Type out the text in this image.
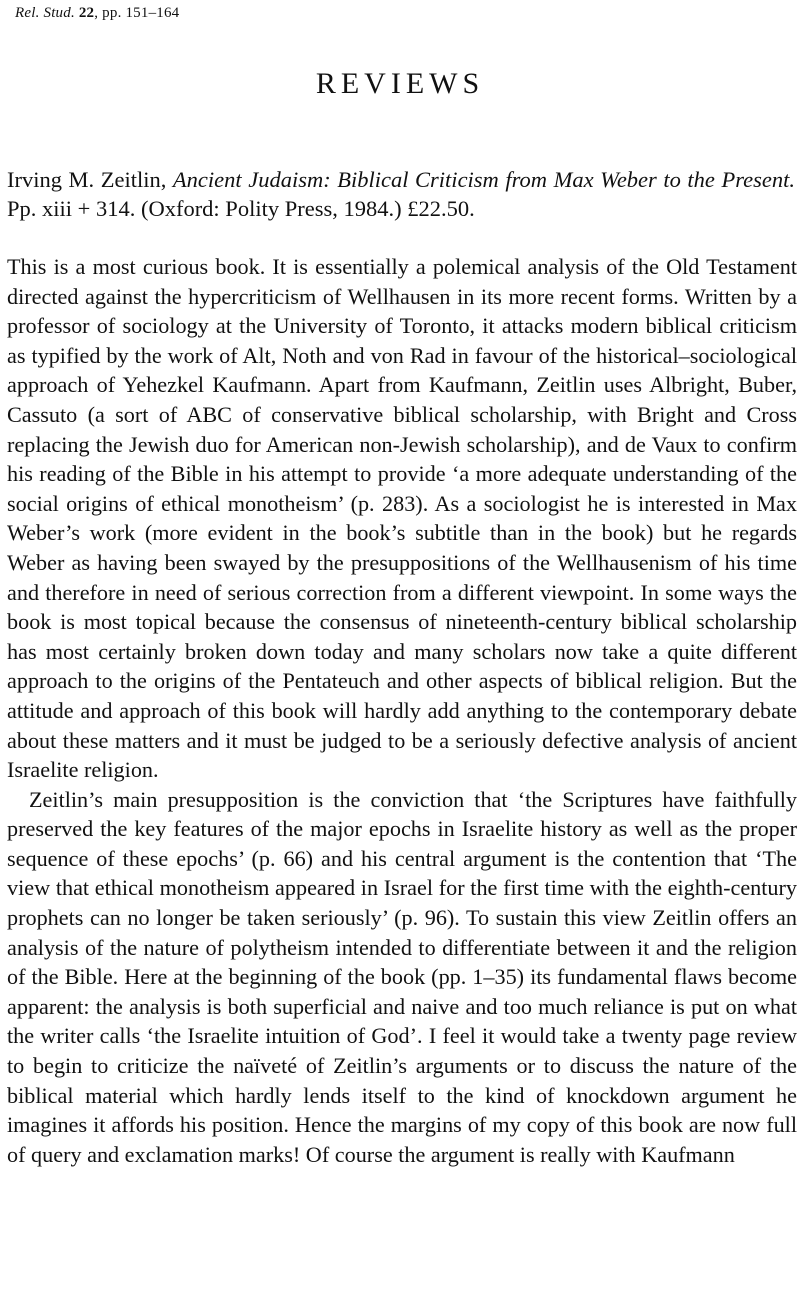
Rel. Stud. 22, pp. 151–164
REVIEWS
Irving M. Zeitlin, Ancient Judaism: Biblical Criticism from Max Weber to the Present. Pp. xiii + 314. (Oxford: Polity Press, 1984.) £22.50.

This is a most curious book. It is essentially a polemical analysis of the Old Testament directed against the hypercriticism of Wellhausen in its more recent forms. Written by a professor of sociology at the University of Toronto, it attacks modern biblical criticism as typified by the work of Alt, Noth and von Rad in favour of the historical–sociological approach of Yehezkel Kaufmann. Apart from Kaufmann, Zeitlin uses Albright, Buber, Cassuto (a sort of ABC of conservative biblical scholarship, with Bright and Cross replacing the Jewish duo for American non-Jewish scholarship), and de Vaux to confirm his reading of the Bible in his attempt to provide ‘a more adequate understanding of the social origins of ethical monotheism’ (p. 283). As a sociologist he is interested in Max Weber’s work (more evident in the book’s subtitle than in the book) but he regards Weber as having been swayed by the presuppositions of the Wellhausenism of his time and therefore in need of serious correction from a different viewpoint. In some ways the book is most topical because the consensus of nineteenth-century biblical scholarship has most certainly broken down today and many scholars now take a quite different approach to the origins of the Pentateuch and other aspects of biblical religion. But the attitude and approach of this book will hardly add anything to the contemporary debate about these matters and it must be judged to be a seriously defective analysis of ancient Israelite religion.

Zeitlin’s main presupposition is the conviction that ‘the Scriptures have faithfully preserved the key features of the major epochs in Israelite history as well as the proper sequence of these epochs’ (p. 66) and his central argument is the contention that ‘The view that ethical monotheism appeared in Israel for the first time with the eighth-century prophets can no longer be taken seriously’ (p. 96). To sustain this view Zeitlin offers an analysis of the nature of polytheism intended to differentiate between it and the religion of the Bible. Here at the beginning of the book (pp. 1–35) its fundamental flaws become apparent: the analysis is both superficial and naive and too much reliance is put on what the writer calls ‘the Israelite intuition of God’. I feel it would take a twenty page review to begin to criticize the naïveté of Zeitlin’s arguments or to discuss the nature of the biblical material which hardly lends itself to the kind of knockdown argument he imagines it affords his position. Hence the margins of my copy of this book are now full of query and exclamation marks! Of course the argument is really with Kaufmann
